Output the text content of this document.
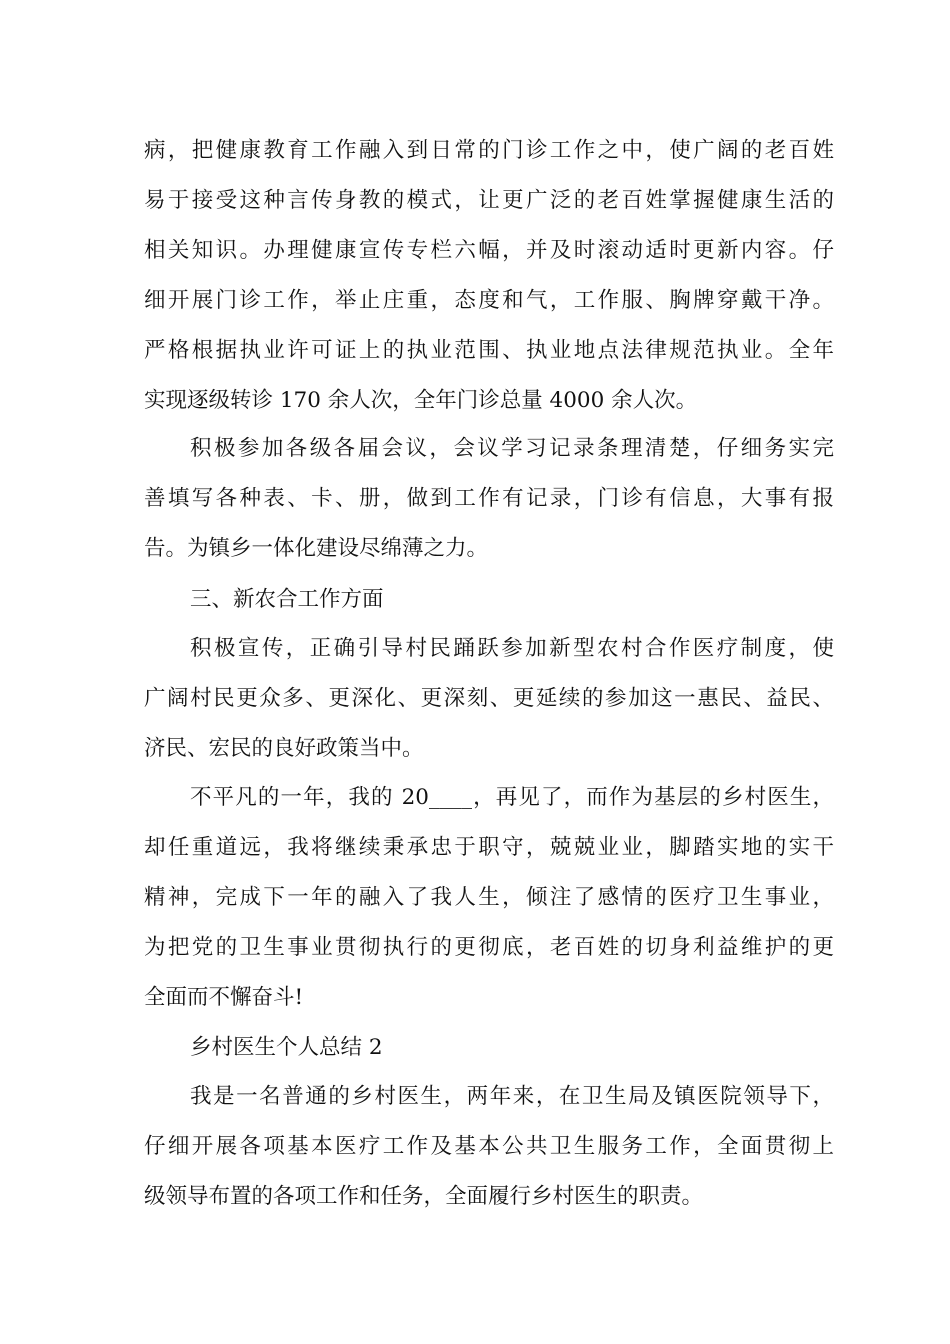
病，把健康教育工作融入到日常的门诊工作之中，使广阔的老百姓
易于接受这种言传身教的模式，让更广泛的老百姓掌握健康生活的
相关知识。办理健康宣传专栏六幅，并及时滚动适时更新内容。仔
细开展门诊工作，举止庄重，态度和气，工作服、胸牌穿戴干净。
严格根据执业许可证上的执业范围、执业地点法律规范执业。全年
实现逐级转诊 170 余人次，全年门诊总量 4000 余人次。
积极参加各级各届会议，会议学习记录条理清楚，仔细务实完
善填写各种表、卡、册，做到工作有记录，门诊有信息，大事有报
告。为镇乡一体化建设尽绵薄之力。
三、新农合工作方面
积极宣传，正确引导村民踊跃参加新型农村合作医疗制度，使
广阔村民更众多、更深化、更深刻、更延续的参加这一惠民、益民、
济民、宏民的良好政策当中。
不平凡的一年，我的 20____，再见了，而作为基层的乡村医生，
却任重道远，我将继续秉承忠于职守，兢兢业业，脚踏实地的实干
精神，完成下一年的融入了我人生，倾注了感情的医疗卫生事业，
为把党的卫生事业贯彻执行的更彻底，老百姓的切身利益维护的更
全面而不懈奋斗!
乡村医生个人总结 2
我是一名普通的乡村医生，两年来，在卫生局及镇医院领导下，
仔细开展各项基本医疗工作及基本公共卫生服务工作，全面贯彻上
级领导布置的各项工作和任务，全面履行乡村医生的职责。
